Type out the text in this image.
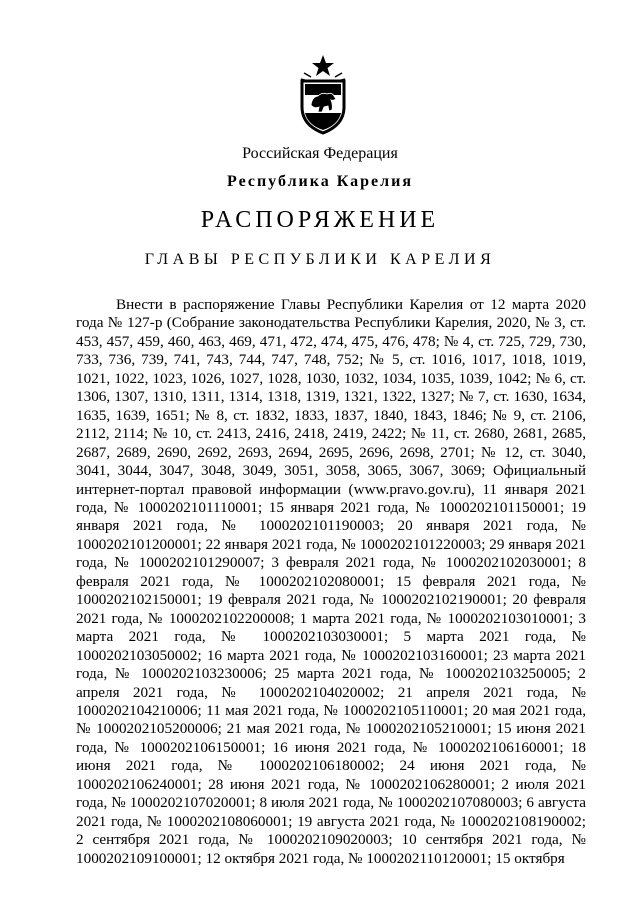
Российская Федерация
Республика Карелия
РАСПОРЯЖЕНИЕ
ГЛАВЫ РЕСПУБЛИКИ КАРЕЛИЯ

Внести в распоряжение Главы Республики Карелия от 12 марта 2020 года № 127-р (Собрание законодательства Республики Карелия, 2020, № 3, ст. 453, 457, 459, 460, 463, 469, 471, 472, 474, 475, 476, 478; № 4, ст. 725, 729, 730, 733, 736, 739, 741, 743, 744, 747, 748, 752; № 5, ст. 1016, 1017, 1018, 1019, 1021, 1022, 1023, 1026, 1027, 1028, 1030, 1032, 1034, 1035, 1039, 1042; № 6, ст. 1306, 1307, 1310, 1311, 1314, 1318, 1319, 1321, 1322, 1327; № 7, ст. 1630, 1634, 1635, 1639, 1651; № 8, ст. 1832, 1833, 1837, 1840, 1843, 1846; № 9, ст. 2106, 2112, 2114; № 10, ст. 2413, 2416, 2418, 2419, 2422; № 11, ст. 2680, 2681, 2685, 2687, 2689, 2690, 2692, 2693, 2694, 2695, 2696, 2698, 2701; № 12, ст. 3040, 3041, 3044, 3047, 3048, 3049, 3051, 3058, 3065, 3067, 3069; Официальный интернет-портал правовой информации (www.pravo.gov.ru), 11 января 2021 года, № 1000202101110001; 15 января 2021 года, № 1000202101150001; 19 января 2021 года, № 1000202101190003; 20 января 2021 года, № 1000202101200001; 22 января 2021 года, № 1000202101220003; 29 января 2021 года, № 1000202101290007; 3 февраля 2021 года, № 1000202102030001; 8 февраля 2021 года, № 1000202102080001; 15 февраля 2021 года, № 1000202102150001; 19 февраля 2021 года, № 1000202102190001; 20 февраля 2021 года, № 1000202102200008; 1 марта 2021 года, № 1000202103010001; 3 марта 2021 года, № 1000202103030001; 5 марта 2021 года, № 1000202103050002; 16 марта 2021 года, № 1000202103160001; 23 марта 2021 года, № 1000202103230006; 25 марта 2021 года, № 1000202103250005; 2 апреля 2021 года, № 1000202104020002; 21 апреля 2021 года, № 1000202104210006; 11 мая 2021 года, № 1000202105110001; 20 мая 2021 года, № 1000202105200006; 21 мая 2021 года, № 1000202105210001; 15 июня 2021 года, № 1000202106150001; 16 июня 2021 года, № 1000202106160001; 18 июня 2021 года, № 1000202106180002; 24 июня 2021 года, № 1000202106240001; 28 июня 2021 года, № 1000202106280001; 2 июля 2021 года, № 1000202107020001; 8 июля 2021 года, № 1000202107080003; 6 августа 2021 года, № 1000202108060001; 19 августа 2021 года, № 1000202108190002; 2 сентября 2021 года, № 1000202109020003; 10 сентября 2021 года, № 1000202109100001; 12 октября 2021 года, № 1000202110120001; 15 октября
